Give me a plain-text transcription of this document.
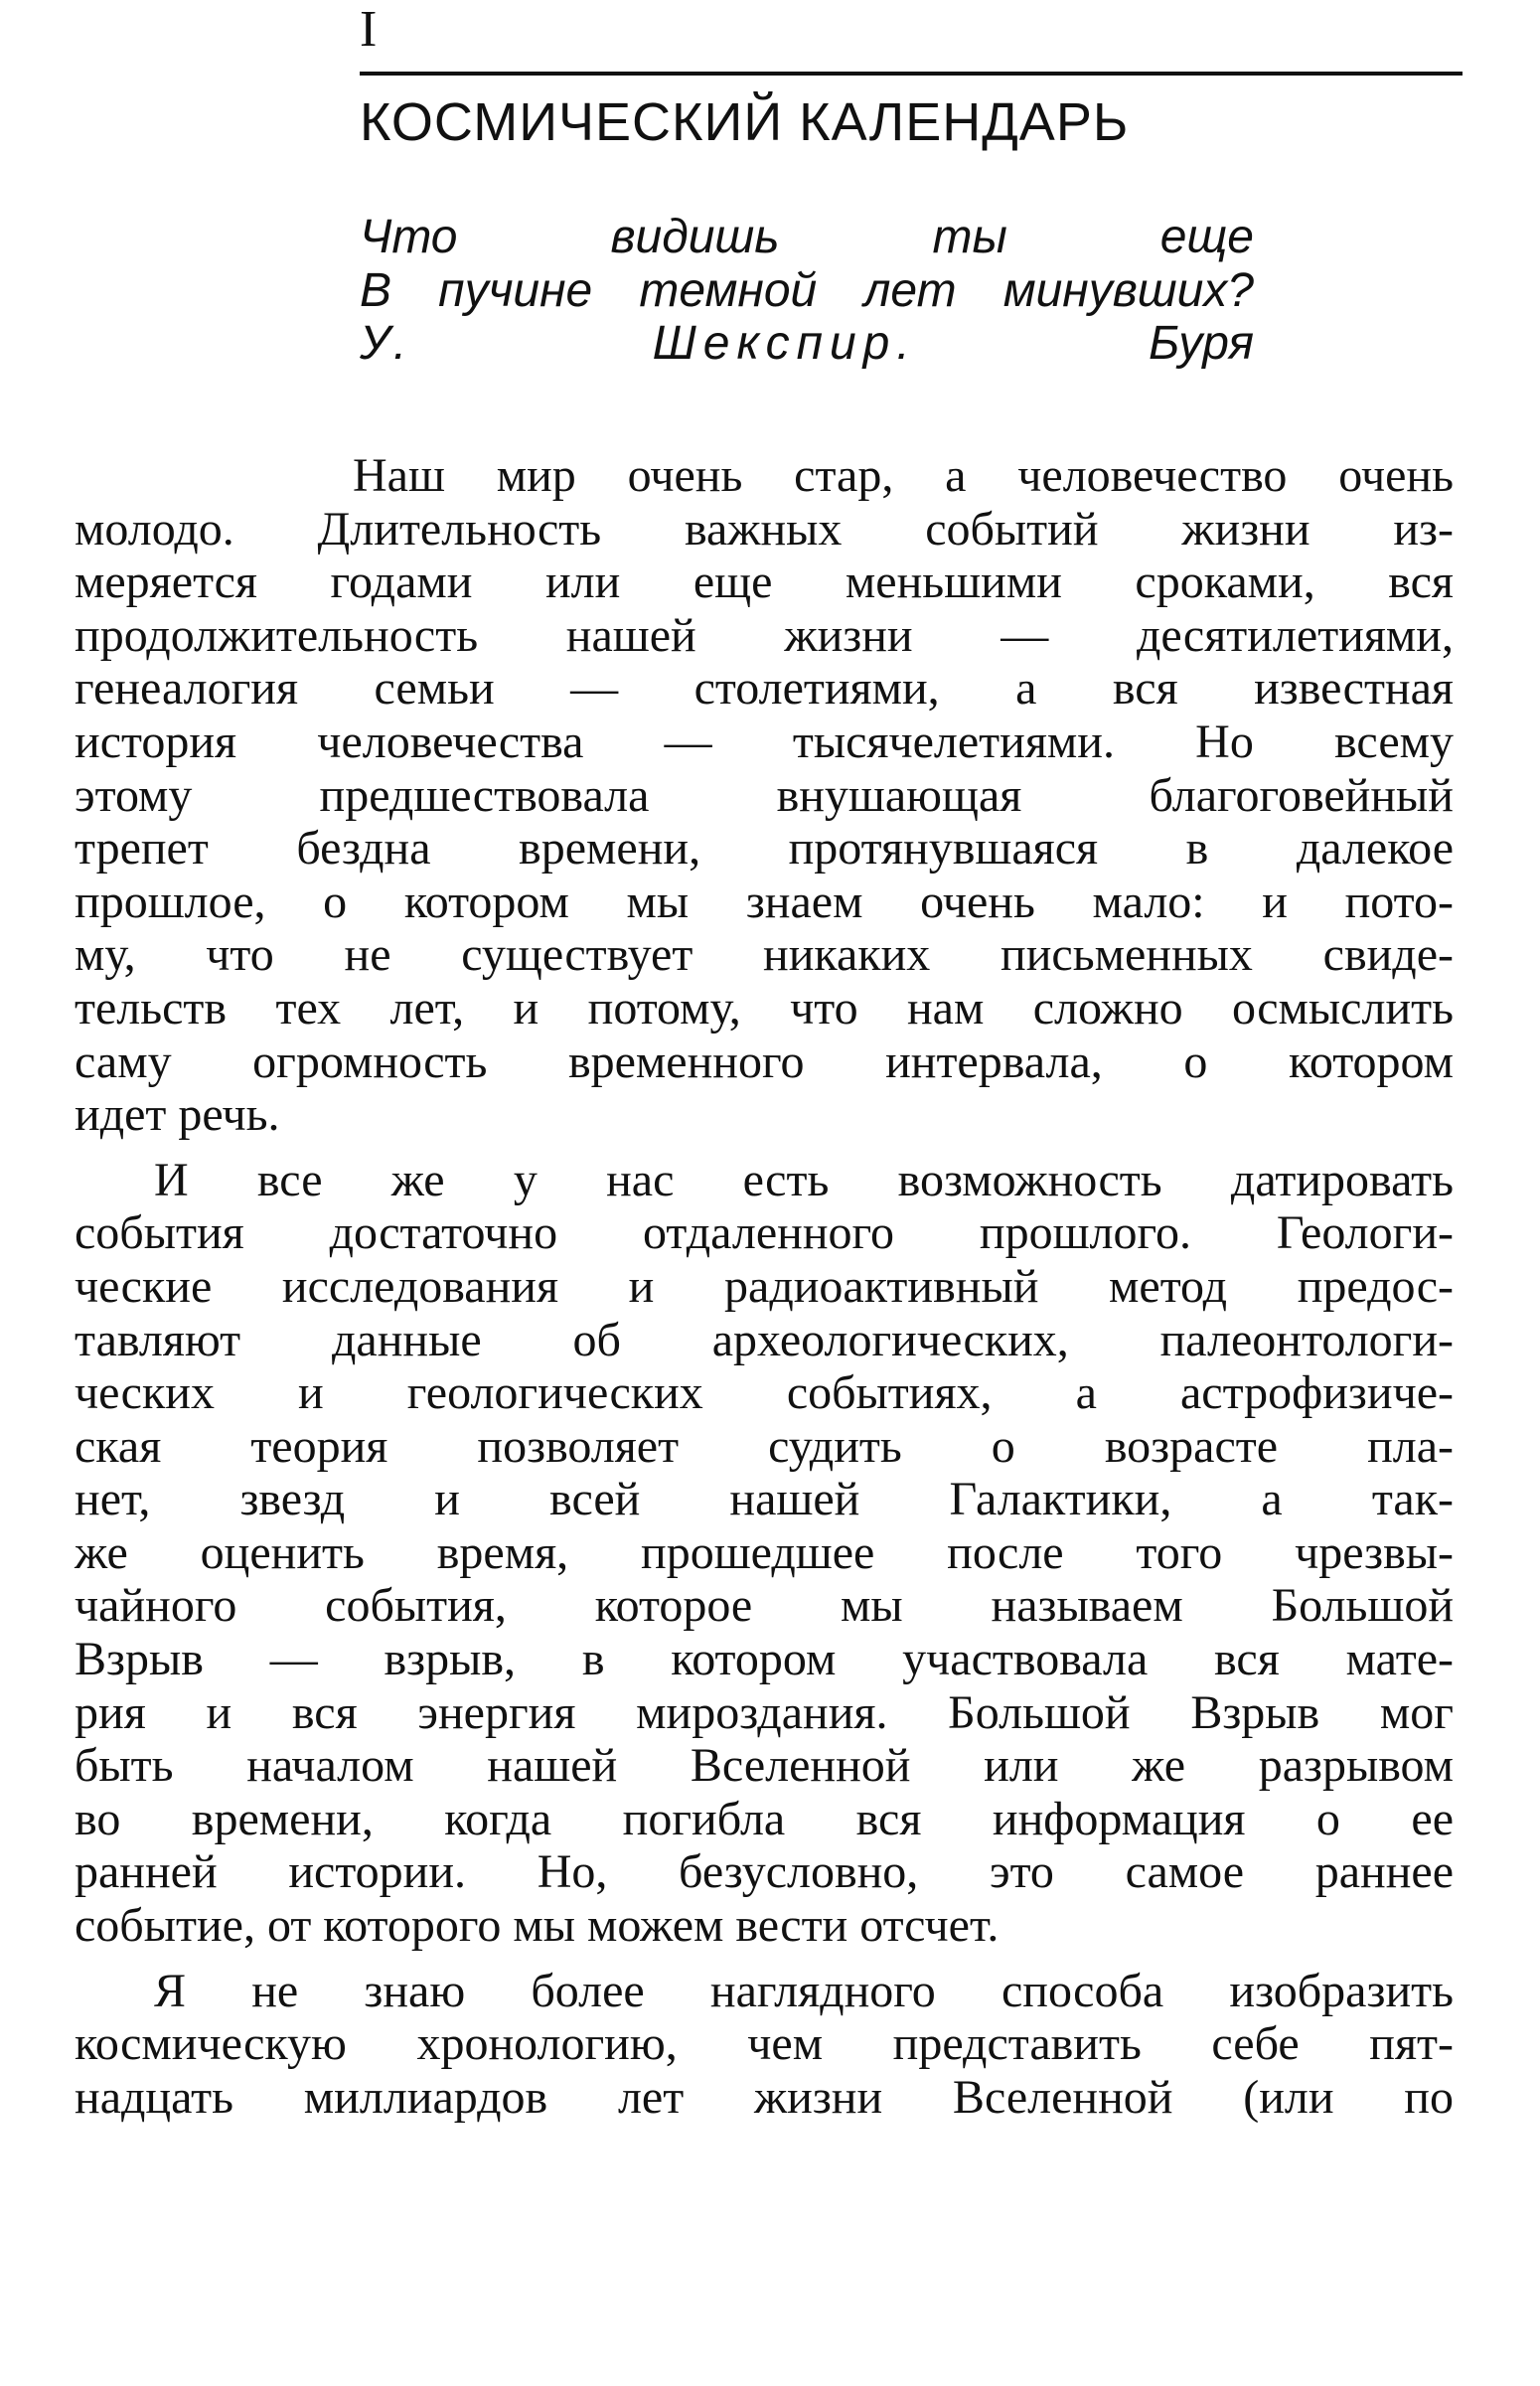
I
КОСМИЧЕСКИЙ КАЛЕНДАРЬ
Что видишь ты еще
В пучине темной лет минувших?
У. Шекспир.	Буря
Наш мир очень стар, а человечество очень
молодо. Длительность важных событий жизни из-
меряется годами или еще меньшими сроками, вся
продолжительность нашей жизни — десятилетиями,
генеалогия семьи — столетиями, а вся известная
история человечества — тысячелетиями. Но всему
этому предшествовала внушающая благоговейный
трепет бездна времени, протянувшаяся в далекое
прошлое, о котором мы знаем очень мало: и пото-
му, что не существует никаких письменных свиде-
тельств тех лет, и потому, что нам сложно осмыслить
саму огромность временного интервала, о котором
идет речь.
И все же у нас есть возможность датировать
события достаточно отдаленного прошлого. Геологи-
ческие исследования и радиоактивный метод предос-
тавляют данные об археологических, палеонтологи-
ческих и геологических событиях, а астрофизиче-
ская теория позволяет судить о возрасте пла-
нет, звезд и всей нашей Галактики, а так-
же оценить время, прошедшее после того чрезвы-
чайного события, которое мы называем Большой
Взрыв — взрыв, в котором участвовала вся мате-
рия и вся энергия мироздания. Большой Взрыв мог
быть началом нашей Вселенной или же разрывом
во времени, когда погибла вся информация о ее
ранней истории. Но, безусловно, это самое раннее
событие, от которого мы можем вести отсчет.
Я не знаю более наглядного способа изобразить
космическую хронологию, чем представить себе пят-
надцать миллиардов лет жизни Вселенной (или по
